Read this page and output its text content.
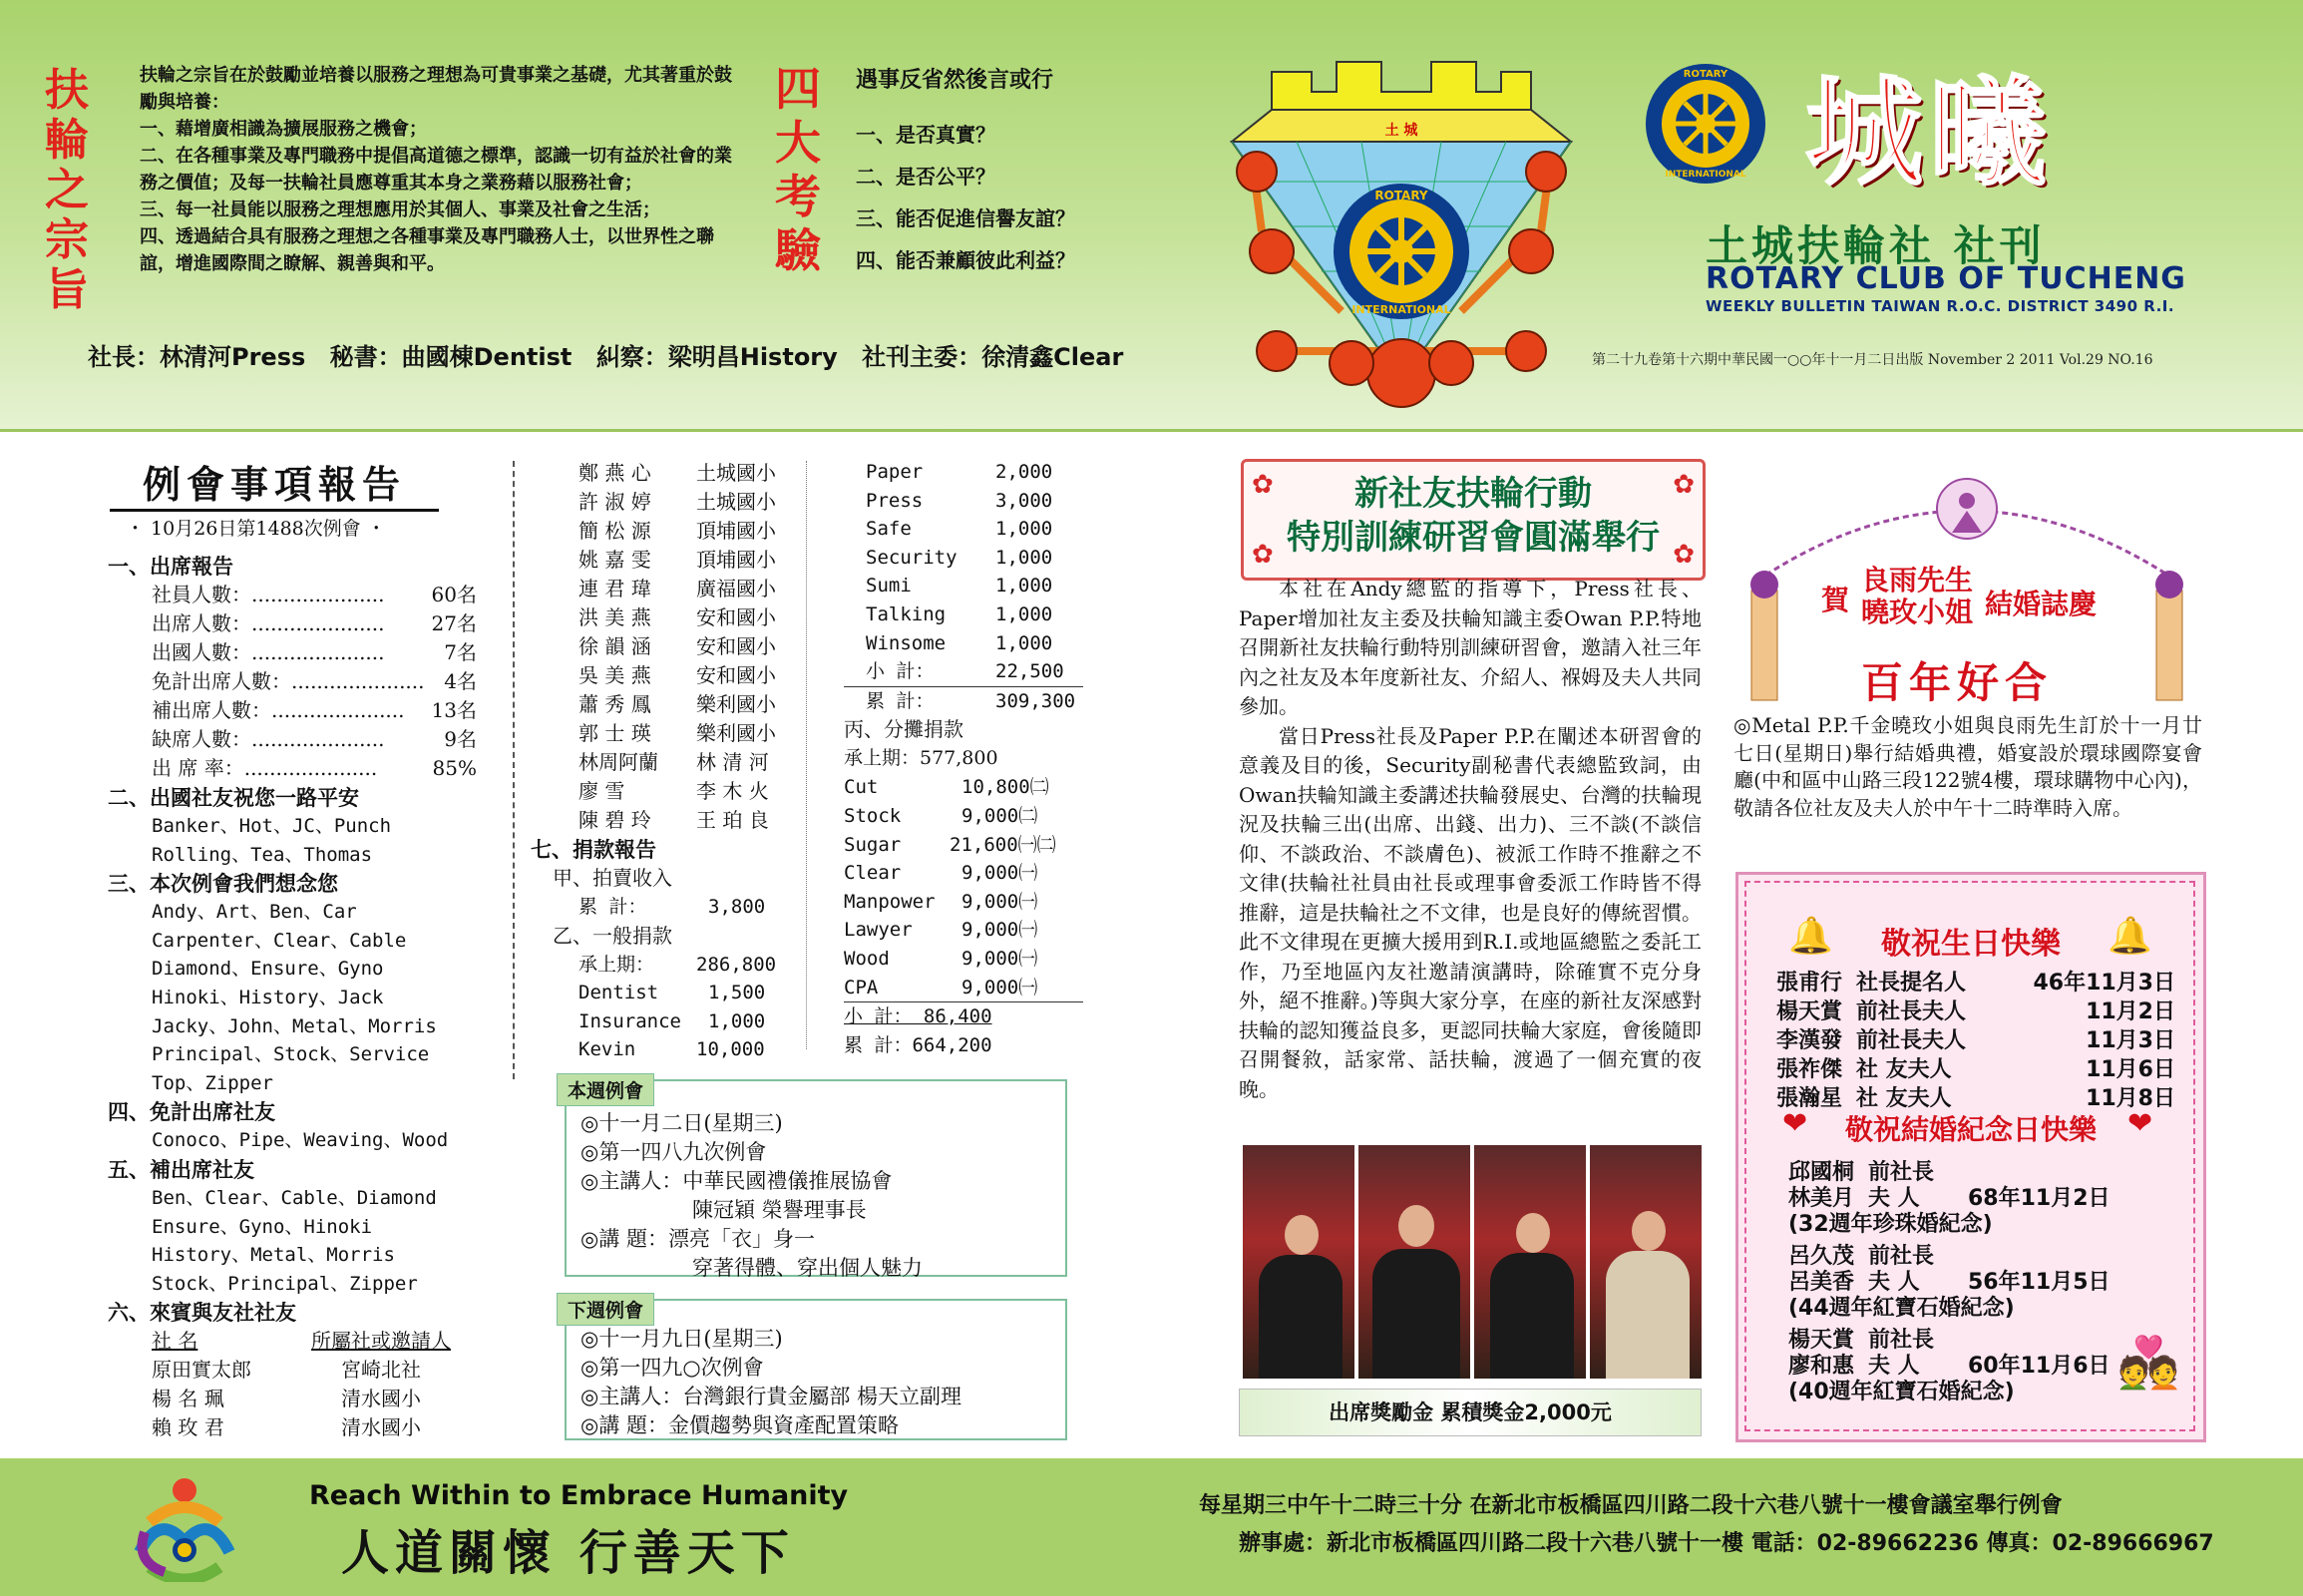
扶輪之宗旨
扶輪之宗旨在於鼓勵並培養以服務之理想為可貴事業之基礎，尤其著重於鼓勵與培養：
一、藉增廣相識為擴展服務之機會；
二、在各種事業及專門職務中提倡高道德之標準，認識一切有益於社會的業務之價值；及每一扶輪社員應尊重其本身之業務藉以服務社會；
三、每一社員能以服務之理想應用於其個人、事業及社會之生活；
四、透過結合具有服務之理想之各種事業及專門職務人士，以世界性之聯誼，增進國際間之瞭解、親善與和平。
四大考驗
遇事反省然後言或行
一、是否真實？
二、是否公平？
三、能否促進信譽友誼？
四、能否兼顧彼此利益？
社長：林清河Press 秘書：曲國棟Dentist 糾察：梁明昌History 社刊主委：徐清鑫Clear
土 城
ROTARY
INTERNATIONAL
ROTARY
INTERNATIONAL 城曦
土城扶輪社 社刊
ROTARY CLUB OF TUCHENG
WEEKLY BULLETIN TAIWAN R.O.C. DISTRICT 3490 R.I.
第二十九卷第十六期中華民國一○○年十一月二日出版 November 2 2011 Vol.29 NO.16
例會事項報告
・ 10月26日第1488次例會 ・
一、出席報告
社員人數： .....................	60名
出席人數： .....................	27名
出國人數： .....................	7名
免計出席人數： ..................... 4名
補出席人數： .....................	13名
缺席人數： .....................	9名
出 席 率： .....................	85%
二、出國社友祝您一路平安
Banker、Hot、JC、Punch
Rolling、Tea、Thomas
三、本次例會我們想念您
Andy、Art、Ben、Car
Carpenter、Clear、Cable
Diamond、Ensure、Gyno
Hinoki、History、Jack
Jacky、John、Metal、Morris
Principal、Stock、Service
Top、Zipper
四、免計出席社友
Conoco、Pipe、Weaving、Wood
五、補出席社友
Ben、Clear、Cable、Diamond
Ensure、Gyno、Hinoki
History、Metal、Morris
Stock、Principal、Zipper
六、來賓與友社社友
社 名	所屬社或邀請人
原田實太郎	宮崎北社
楊 名 珮	清水國小
賴 玫 君	清水國小
鄭 燕 心	土城國小
許 淑 婷	土城國小
簡 松 源	頂埔國小
姚 嘉 雯	頂埔國小
連 君 瑋	廣福國小
洪 美 燕	安和國小
徐 韻 涵	安和國小
吳 美 燕	安和國小
蕭 秀 鳳	樂利國小
郭 士 瑛	樂利國小
林周阿蘭	林 清 河
廖 雪	李 木 火
陳 碧 玲	王 珀 良
七、捐款報告
甲、拍賣收入
累 計：	3,800
乙、一般捐款
承上期：	286,800
Dentist	1,500
Insurance	1,000
Kevin	10,000
Paper	2,000
Press	3,000
Safe	1,000
Security	1,000
Sumi	1,000
Talking	1,000
Winsome	1,000
小 計：	22,500
累 計：	309,300
丙、分攤捐款
承上期：577,800
Cut	10,800㈡
Stock	9,000㈡
Sugar	21,600㈠㈡
Clear	9,000㈠
Manpower	9,000㈠
Lawyer	9,000㈠
Wood	9,000㈠
CPA	9,000㈠
小 計： 86,400
累 計：664,200
本週例會
◎十一月二日(星期三)
◎第一四八九次例會
◎主講人：中華民國禮儀推展協會
陳冠穎 榮譽理事長
◎講 題：漂亮「衣」身一
穿著得體、穿出個人魅力
下週例會
◎十一月九日(星期三)
◎第一四九○次例會
◎主講人：台灣銀行貴金屬部 楊天立副理
◎講 題：金價趨勢與資產配置策略
✿	✿
✿	✿
新社友扶輪行動
特別訓練研習會圓滿舉行

本社在Andy總監的指導下，Press社長、Paper增加社友主委及扶輪知識主委Owan P.P.特地召開新社友扶輪行動特別訓練研習會，邀請入社三年內之社友及本年度新社友、介紹人、褓姆及夫人共同參加。

當日Press社長及Paper P.P.在闡述本研習會的意義及目的後，Security副秘書代表總監致詞，由Owan扶輪知識主委講述扶輪發展史、台灣的扶輪現況及扶輪三出(出席、出錢、出力)、三不談(不談信仰、不談政治、不談膚色)、被派工作時不推辭之不文律(扶輪社社員由社長或理事會委派工作時皆不得推辭，這是扶輪社之不文律，也是良好的傳統習慣。此不文律現在更擴大援用到R.I.或地區總監之委託工作，乃至地區內友社邀請演講時，除確實不克分身外，絕不推辭。)等與大家分享，在座的新社友深感對扶輪的認知獲益良多，更認同扶輪大家庭，會後隨即召開餐敘，話家常、話扶輪，渡過了一個充實的夜晚。

出席獎勵金 累積獎金2,000元
賀
良雨先生
曉玫小姐 結婚誌慶
百年好合
◎Metal P.P.千金曉玫小姐與良雨先生訂於十一月廿七日(星期日)舉行結婚典禮，婚宴設於環球國際宴會廳(中和區中山路三段122號4樓，環球購物中心內)，敬請各位社友及夫人於中午十二時準時入席。
🔔	🔔
敬祝生日快樂
張甫行 社長提名人	46年11月3日
楊天賞 前社長夫人	11月2日
李漢發 前社長夫人	11月3日
張祚傑 社 友夫人	11月6日
張瀚星 社 友夫人	11月8日
❤	❤
敬祝結婚紀念日快樂
邱國桐 前社長
林美月 夫 人	68年11月2日
(32週年珍珠婚紀念)
呂久茂 前社長
呂美香 夫 人	56年11月5日
(44週年紅寶石婚紀念)
楊天賞 前社長
廖和惠 夫 人	60年11月6日
(40週年紅寶石婚紀念)
💑
Reach Within to Embrace Humanity
人道關懷 行善天下
每星期三中午十二時三十分 在新北市板橋區四川路二段十六巷八號十一樓會議室舉行例會
辦事處：新北市板橋區四川路二段十六巷八號十一樓 電話：02-89662236 傳真：02-89666967
